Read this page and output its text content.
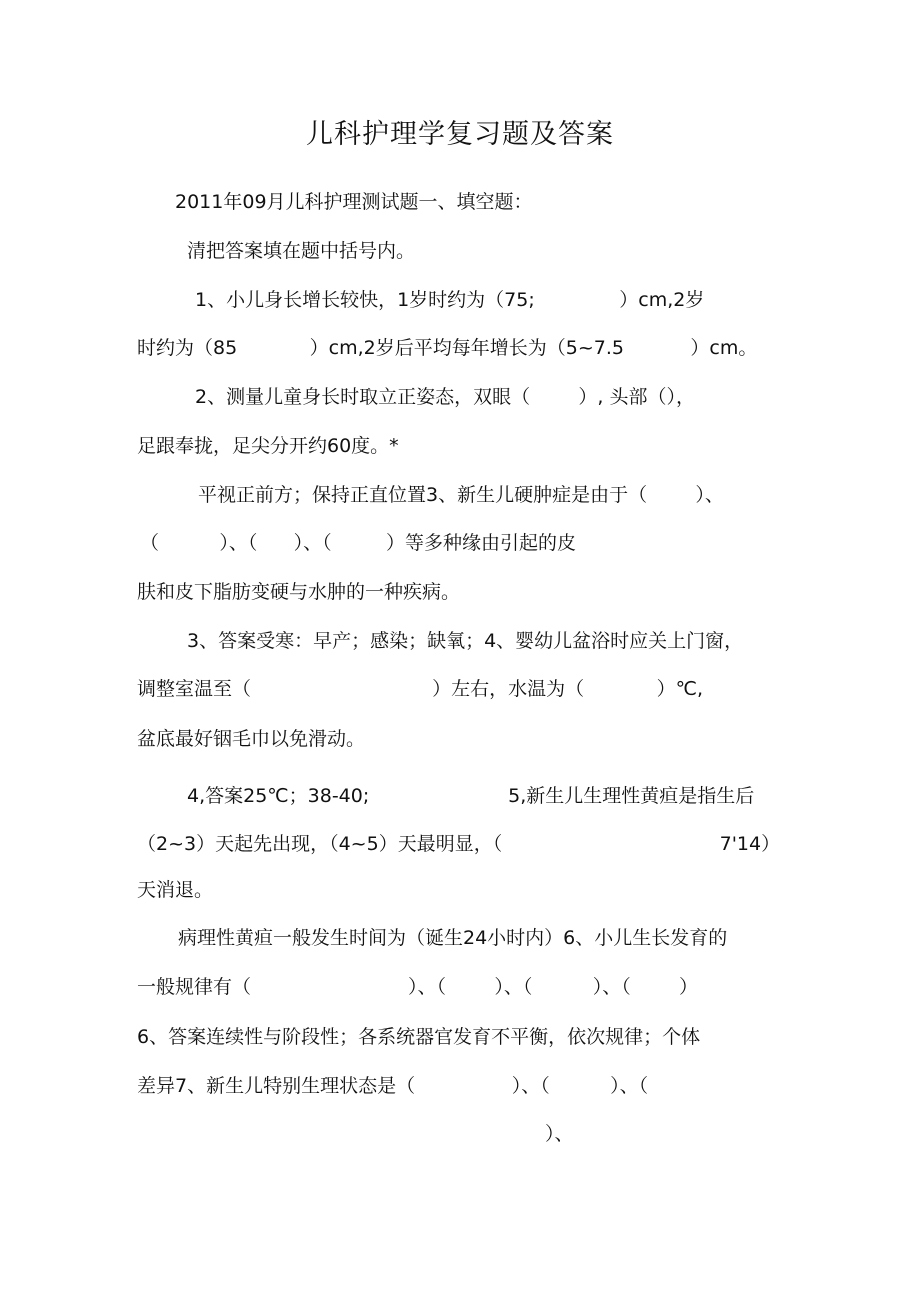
儿科护理学复习题及答案
2011年09月儿科护理测试题一、填空题：
清把答案填在题中括号内。
1、小儿身长增长较快，1岁时约为（75;              ）cm,2岁
时约为（85            ）cm,2岁后平均每年增长为（5~7.5           ）cm。
2、测量儿童身长时取立正姿态，双眼（        ）, 头部（），
足跟奉拢，足尖分开约60度。*
平视正前方；保持正直位置3、新生儿硬肿症是由于（        ）、
（          ）、（      ）、（         ）等多种缘由引起的皮
肤和皮下脂肪变硬与水肿的一种疾病。
3、答案受寒：早产；感染；缺氧；4、婴幼儿盆浴时应关上门窗，
调整室温至（                              ）左右，水温为（            ）℃,
盆底最好铟毛巾以免滑动。
4,答案25℃；38-40;                       5,新生儿生理性黄疸是指生后
（2~3）天起先出现，（4~5）天最明显，（                                    7'14）
天消退。
病理性黄疸一般发生时间为（诞生24小时内）6、小儿生长发育的
一般规律有（                          ）、（        ）、（          ）、（        ）
6、答案连续性与阶段性；各系统器官发育不平衡，依次规律；个体
差异7、新生儿特别生理状态是（                ）、（          ）、（
）、
